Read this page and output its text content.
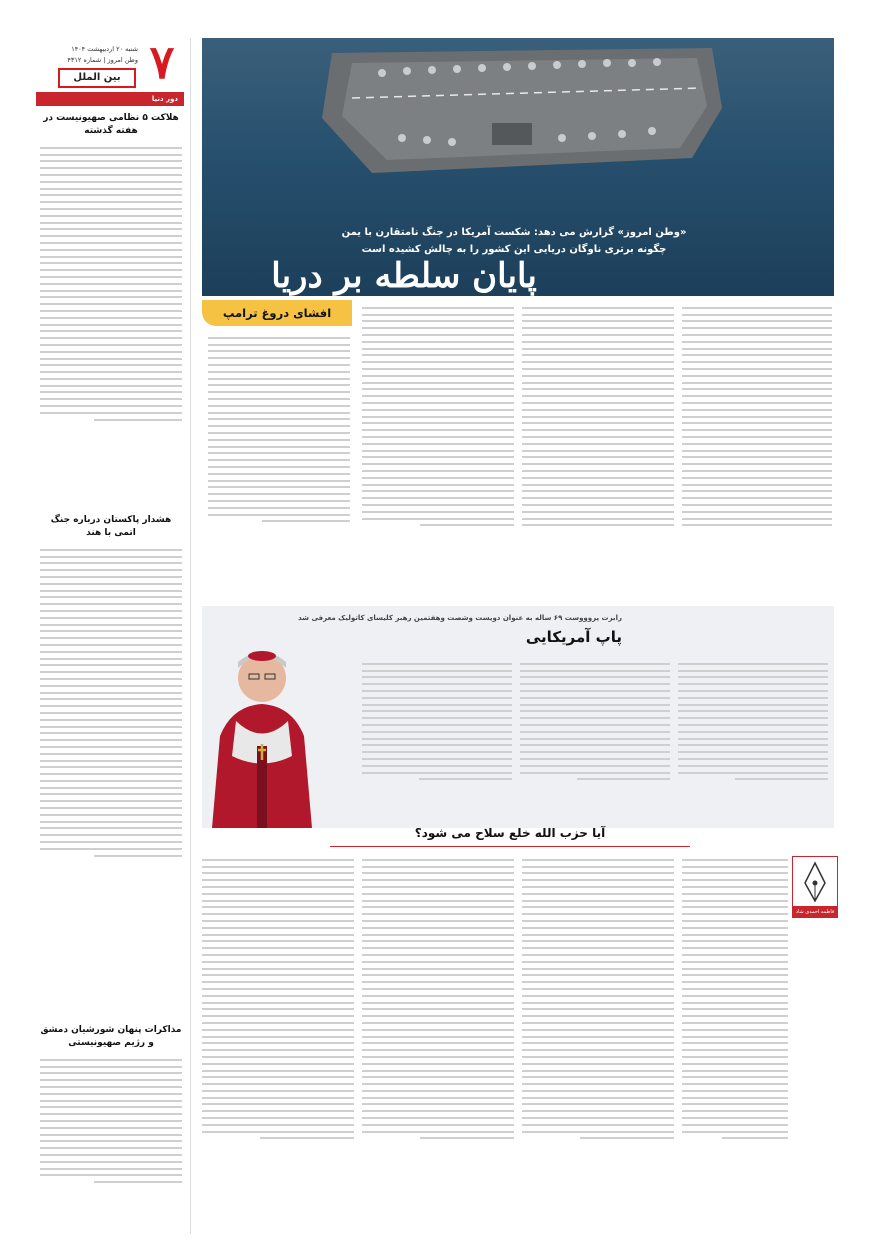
۷
شنبه ۲۰ اردیبهشت ۱۴۰۴
وطن امروز | شماره ۴۳۱۲
بین الملل
دور دنیا
هلاکت ۵ نظامی صهیونیست در هفته گذشته
هشدار پاکستان درباره جنگ اتمی با هند
مذاکرات پنهان شورشیان دمشق و رژیم صهیونیستی
«وطن امروز» گزارش می دهد: شکست آمریکا در جنگ نامتقارن با یمن
چگونه برتری ناوگان دریایی این کشور را به چالش کشیده است
پایان سلطه بر دریا
افشای دروغ ترامپ
رابرت پروووست ۶۹ ساله به عنوان دویست وشصت وهفتمین رهبر کلیسای کاتولیک معرفی شد
پاپ آمریکایی
آیا حزب الله خلع سلاح می شود؟
فاطمه احمدی شاد
